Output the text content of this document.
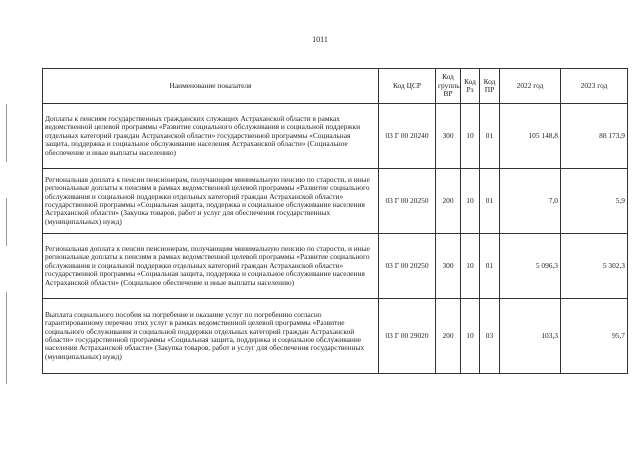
1011
Наименование показателя	Код ЦСР	Код группы ВР	Код Рз	Код ПР	2022 год	2023 год
Доплаты к пенсиям государственных гражданских служащих Астраханской области в рамках ведомственной целевой программы «Развитие социального обслуживания и социальной поддержки отдельных категорий граждан Астраханской области» государственной программы «Социальная защита, поддержка и социальное обслуживание населения Астраханской области» (Социальное обеспечение и иные выплаты населению)	03 Г 00 20240	300	10	01	105 148,8	88 173,9
Региональная доплата к пенсии пенсионерам, получающим минимальную пенсию по старости, и иные региональные доплаты к пенсиям в рамках ведомственной целевой программы «Развитие социального обслуживания и социальной поддержки отдельных категорий граждан Астраханской области» государственной программы «Социальная защита, поддержка и социальное обслуживание населения Астраханской области» (Закупка товаров, работ и услуг для обеспечения государственных (муниципальных) нужд)	03 Г 00 20250	200	10	01	7,0	5,9
Региональная доплата к пенсии пенсионерам, получающим минимальную пенсию по старости, и иные региональные доплаты к пенсиям в рамках ведомственной целевой программы «Развитие социального обслуживания и социальной поддержки отдельных категорий граждан Астраханской области» государственной программы «Социальная защита, поддержка и социальное обслуживание населения Астраханской области» (Социальное обеспечение и иные выплаты населению)	03 Г 00 20250	300	10	01	5 096,3	5 302,3
Выплата социального пособия на погребение и оказание услуг по погребению согласно гарантированному перечню этих услуг в рамках ведомственной целевой программы «Развитие социального обслуживания и социальной поддержки отдельных категорий граждан Астраханской области» государственной программы «Социальная защита, поддержка и социальное обслуживание населения Астраханской области» (Закупка товаров, работ и услуг для обеспечения государственных (муниципальных) нужд)	03 Г 00 29020	200	10	03	103,3	95,7
